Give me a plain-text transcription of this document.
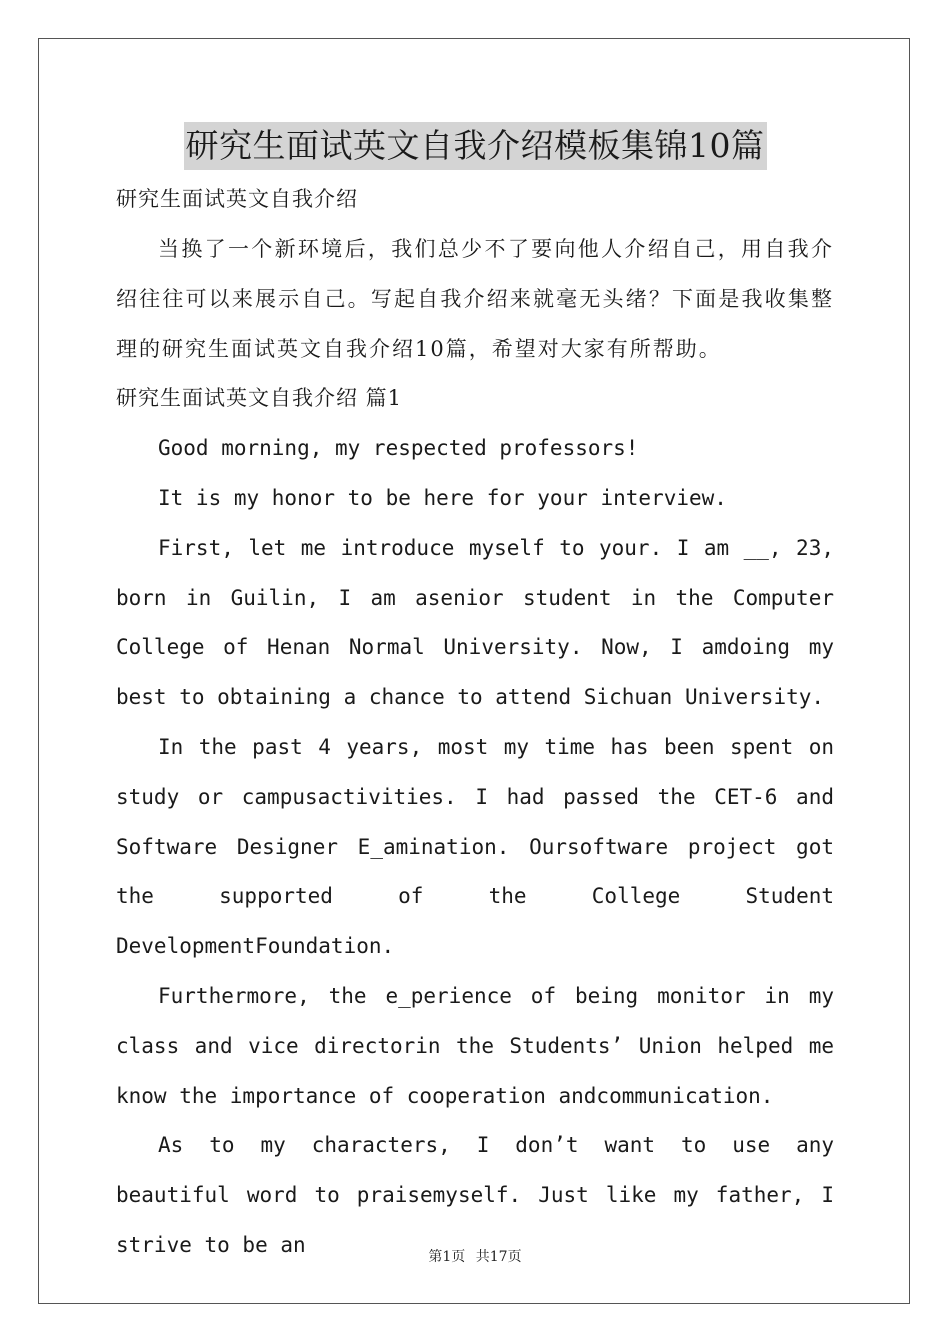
研究生面试英文自我介绍模板集锦10篇
研究生面试英文自我介绍

当换了一个新环境后，我们总少不了要向他人介绍自己，用自我介绍往往可以来展示自己。写起自我介绍来就毫无头绪？下面是我收集整理的研究生面试英文自我介绍10篇，希望对大家有所帮助。

研究生面试英文自我介绍 篇1

Good morning, my respected professors!

It is my honor to be here for your interview.

First, let me introduce myself to your. I am __, 23, born in Guilin, I am asenior student in the Computer College of Henan Normal University. Now, I amdoing my best to obtaining a chance to attend Sichuan University.

In the past 4 years, most my time has been spent on study or campusactivities. I had passed the CET-6 and Software Designer E_amination. Oursoftware project got the supported of the College Student DevelopmentFoundation.

Furthermore, the e_perience of being monitor in my class and vice directorin the Students’ Union helped me know the importance of cooperation andcommunication.

As to my characters, I don’t want to use any beautiful word to praisemyself. Just like my father, I strive to be an

第1页 共17页
